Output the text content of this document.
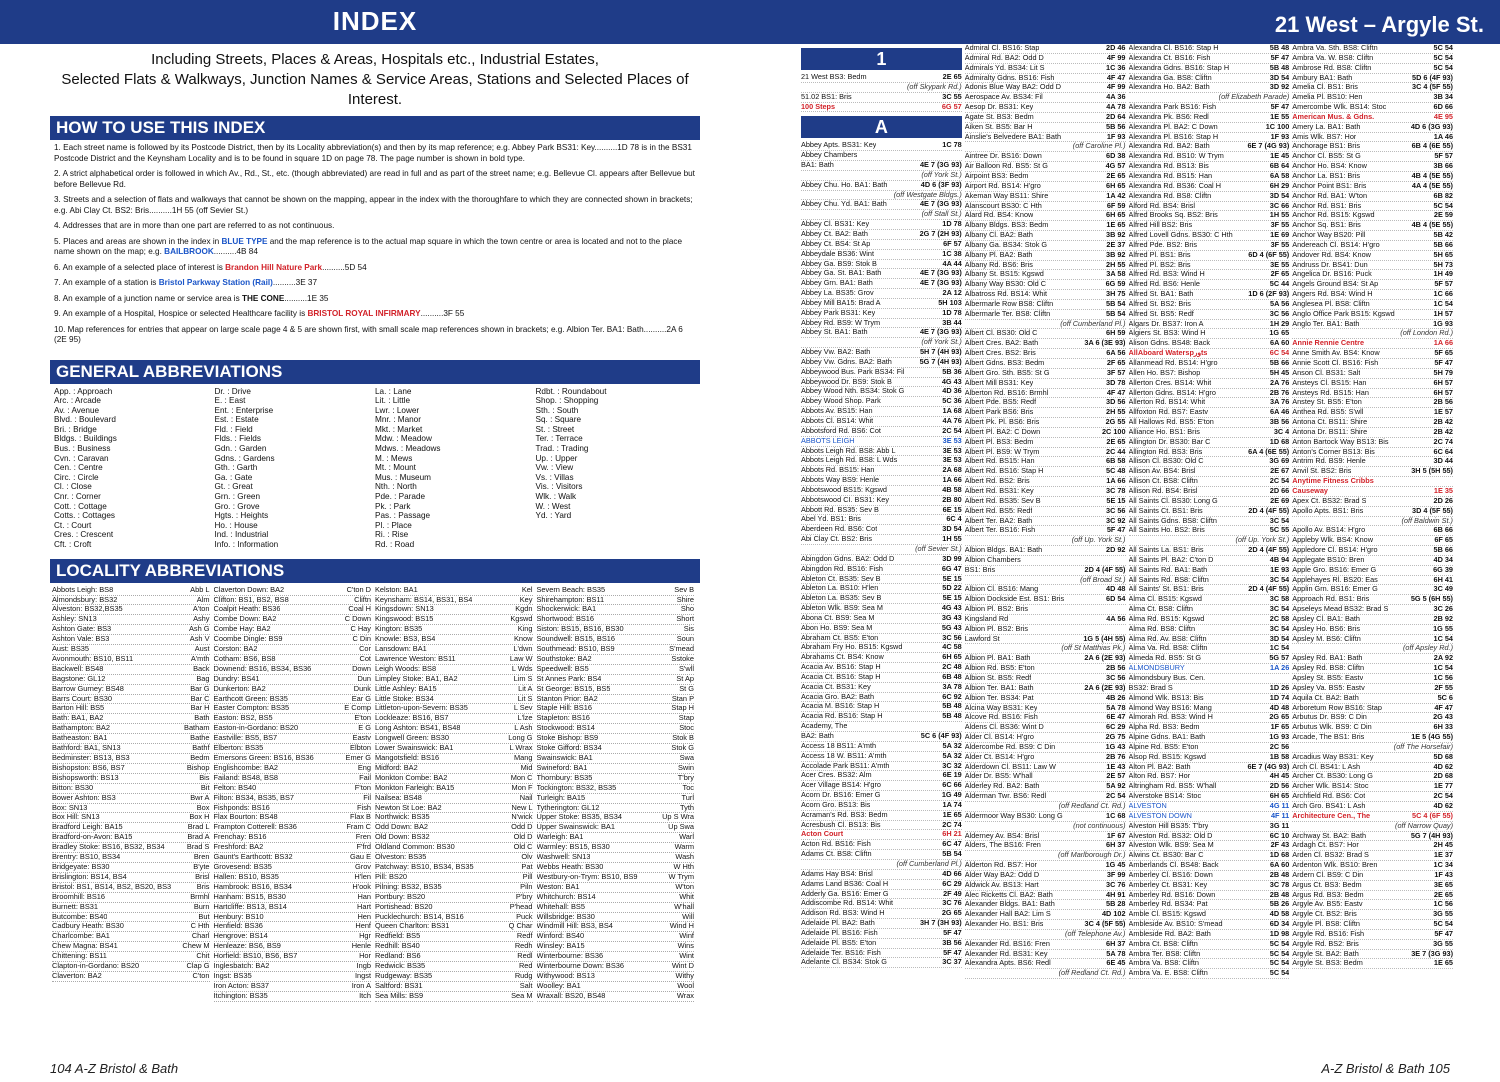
INDEX	21 West – Argyle St.
Including Streets, Places & Areas, Hospitals etc., Industrial Estates,
Selected Flats & Walkways, Junction Names & Service Areas, Stations and Selected Places of Interest.
HOW TO USE THIS INDEX

1. Each street name is followed by its Postcode District, then by its Locality abbreviation(s) and then by its map reference; e.g. Abbey Park BS31: Key..........1D 78 is in the BS31 Postcode District and the Keynsham Locality and is to be found in square 1D on page 78. The page number is shown in bold type.

2. A strict alphabetical order is followed in which Av., Rd., St., etc. (though abbreviated) are read in full and as part of the street name; e.g. Bellevue Cl. appears after Bellevue but before Bellevue Rd.

3. Streets and a selection of flats and walkways that cannot be shown on the mapping, appear in the index with the thoroughfare to which they are connected shown in brackets; e.g. Abi Clay Ct. BS2: Bris..........1H 55 (off Sevier St.)

4. Addresses that are in more than one part are referred to as not continuous.

5. Places and areas are shown in the index in BLUE TYPE and the map reference is to the actual map square in which the town centre or area is located and not to the place name shown on the map; e.g. BAILBROOK..........4B 84

6. An example of a selected place of interest is Brandon Hill Nature Park..........5D 54

7. An example of a station is Bristol Parkway Station (Rail)..........3E 37

8. An example of a junction name or service area is THE CONE..........1E 35

9. An example of a Hospital, Hospice or selected Healthcare facility is BRISTOL ROYAL INFIRMARY..........3F 55

10. Map references for entries that appear on large scale page 4 & 5 are shown first, with small scale map references shown in brackets; e.g. Albion Ter. BA1: Bath..........2A 6 (2E 95)

GENERAL ABBREVIATIONS
App. : Approach
Arc. : Arcade
Av. : Avenue
Blvd. : Boulevard
Bri. : Bridge
Bldgs. : Buildings
Bus. : Business
Cvn. : Caravan
Cen. : Centre
Circ. : Circle
Cl. : Close
Cnr. : Corner
Cott. : Cottage
Cotts. : Cottages
Ct. : Court
Cres. : Crescent
Cft. : Croft
Dr. : Drive
E. : East
Ent. : Enterprise
Est. : Estate
Fld. : Field
Flds. : Fields
Gdn. : Garden
Gdns. : Gardens
Gth. : Garth
Ga. : Gate
Gt. : Great
Grn. : Green
Gro. : Grove
Hgts. : Heights
Ho. : House
Ind. : Industrial
Info. : Information
La. : Lane
Lit. : Little
Lwr. : Lower
Mnr. : Manor
Mkt. : Market
Mdw. : Meadow
Mdws. : Meadows
M. : Mews
Mt. : Mount
Mus. : Museum
Nth. : North
Pde. : Parade
Pk. : Park
Pas. : Passage
Pl. : Place
Ri. : Rise
Rd. : Road
Rdbt. : Roundabout
Shop. : Shopping
Sth. : South
Sq. : Square
St. : Street
Ter. : Terrace
Trad. : Trading
Up. : Upper
Vw. : View
Vs. : Villas
Vis. : Visitors
Wlk. : Walk
W. : West
Yd. : Yard
LOCALITY ABBREVIATIONS
Abbots Leigh: BS8	Abb L
Almondsbury: BS32	Alm
Alveston: BS32,BS35	A'ton
Ashley: SN13	Ashy
Ashton Gate: BS3	Ash G
Ashton Vale: BS3	Ash V
Aust: BS35	Aust
Avonmouth: BS10, BS11	A'mth
Backwell: BS48	Back
Bagstone: GL12	Bag
Barrow Gurney: BS48	Bar G
Barrs Court: BS30	Bar C
Barton Hill: BS5	Bar H
Bath: BA1, BA2	Bath
Bathampton: BA2	Batham
Batheaston: BA1	Bathe
Bathford: BA1, SN13	Bathf
Bedminster: BS13, BS3	Bedm
Bishopston: BS6, BS7	Bishop
Bishopsworth: BS13	Bis
Bitton: BS30	Bit
Bower Ashton: BS3	Bwr A
Box: SN13	Box
Box Hill: SN13	Box H
Bradford Leigh: BA15	Brad L
Bradford-on-Avon: BA15	Brad A
Bradley Stoke: BS16, BS32, BS34	Brad S
Brentry: BS10, BS34	Bren
Bridgeyate: BS30	B'yte
Brislington: BS14, BS4	Brisl
Bristol: BS1, BS14, BS2, BS20, BS3	Bris
Broomhill: BS16	Brmhl
Burnett: BS31	Burn
Butcombe: BS40	But
Cadbury Heath: BS30	C Hth
Charlcombe: BA1	Charl
Chew Magna: BS41	Chew M
Chittening: BS11	Chit
Clapton-in-Gordano: BS20	Clap G
Claverton: BA2	C'ton
Claverton Down: BA2	C'ton D
Clifton: BS1, BS2, BS8	Cliftn
Coalpit Heath: BS36	Coal H
Combe Down: BA2	C Down
Combe Hay: BA2	C Hay
Coombe Dingle: BS9	C Din
Corston: BA2	Cor
Cotham: BS6, BS8	Cot
Downend: BS16, BS34, BS36	Down
Dundry: BS41	Dun
Dunkerton: BA2	Dunk
Earthcott Green: BS35	Ear G
Easter Compton: BS35	E Comp
Easton: BS2, BS5	E'ton
Easton-in-Gordano: BS20	E G
Eastville: BS5, BS7	Eastv
Elberton: BS35	Elbton
Emersons Green: BS16, BS36	Emer G
Englishcombe: BA2	Eng
Failand: BS48, BS8	Fail
Felton: BS40	F'ton
Filton: BS34, BS35, BS7	Fil
Fishponds: BS16	Fish
Flax Bourton: BS48	Flax B
Frampton Cotterell: BS36	Fram C
Frenchay: BS16	Fren
Freshford: BA2	F'frd
Gaunt's Earthcott: BS32	Gau E
Grovesend: BS35	Grov
Hallen: BS10, BS35	H'len
Hambrook: BS16, BS34	H'ook
Hanham: BS15, BS30	Han
Hartcliffe: BS13, BS14	Hart
Henbury: BS10	Hen
Henfield: BS36	Henf
Hengrove: BS14	Hgr
Henleaze: BS6, BS9	Henle
Horfield: BS10, BS6, BS7	Hor
Inglesbatch: BA2	Ingb
Ingst: BS35	Ingst
Iron Acton: BS37	Iron A
Itchington: BS35	Itch
Kelston: BA1	Kel
Keynsham: BS14, BS31, BS4	Key
Kingsdown: SN13	Kgdn
Kingswood: BS15	Kgswd
Kington: BS35	King
Knowle: BS3, BS4	Know
Lansdown: BA1	L'dwn
Lawrence Weston: BS11	Law W
Leigh Woods: BS8	L Wds
Limpley Stoke: BA1, BA2	Lim S
Little Ashley: BA15	Lit A
Little Stoke: BS34	Lit S
Littleton-upon-Severn: BS35	L Sev
Lockleaze: BS16, BS7	L'lze
Long Ashton: BS41, BS48	L Ash
Longwell Green: BS30	Long G
Lower Swainswick: BA1	L Wrax
Mangotsfield: BS16	Mang
Midford: BA2	Mid
Monkton Combe: BA2	Mon C
Monkton Farleigh: BA15	Mon F
Nailsea: BS48	Nail
Newton St Loe: BA2	New L
Northwick: BS35	N'wick
Odd Down: BA2	Odd D
Old Down: BS32	Old D
Oldland Common: BS30	Old C
Olveston: BS35	Olv
Patchway: BS10, BS34, BS35	Pat
Pill: BS20	Pill
Pilning: BS32, BS35	Piln
Portbury: BS20	P'bry
Portishead: BS20	P'head
Pucklechurch: BS14, BS16	Puck
Queen Charlton: BS31	Q Char
Redfield: BS5	Redf
Redhill: BS40	Redh
Redland: BS6	Redl
Redwick: BS35	Red
Rudgeway: BS35	Rudg
Saltford: BS31	Salt
Sea Mills: BS9	Sea M
Severn Beach: BS35	Sev B
Shirehampton: BS11	Shire
Shockerwick: BA1	Sho
Shortwood: BS16	Short
Siston: BS15, BS16, BS30	Sis
Soundwell: BS15, BS16	Soun
Southmead: BS10, BS9	S'mead
Southstoke: BA2	Sstoke
Speedwell: BS5	S'wll
St Annes Park: BS4	St Ap
St George: BS15, BS5	St G
Stanton Prior: BA2	Stan P
Staple Hill: BS16	Stap H
Stapleton: BS16	Stap
Stockwood: BS14	Stoc
Stoke Bishop: BS9	Stok B
Stoke Gifford: BS34	Stok G
Swainswick: BA1	Swa
Swineford: BA1	Swin
Thornbury: BS35	T'bry
Tockington: BS32, BS35	Toc
Turleigh: BA15	Turl
Tytherington: GL12	Tyth
Upper Stoke: BS35, BS34	Up S Wra
Upper Swainswick: BA1	Up Swa
Warleigh: BA1	Warl
Warmley: BS15, BS30	Warm
Washwell: SN13	Wash
Webbs Heath: BS30	W Hth
Westbury-on-Trym: BS10, BS9	W Trym
Weston: BA1	W'ton
Whitchurch: BS14	Whit
Whitehall: BS5	W'hall
Willsbridge: BS30	Will
Windmill Hill: BS3, BS4	Wind H
Winford: BS40	Winf
Winsley: BA15	Wins
Winterbourne: BS36	Wint
Winterbourne Down: BS36	Wint D
Withywood: BS13	Withy
Woolley: BA1	Wool
Wraxall: BS20, BS48	Wrax
1
21 West BS3: Bedm	2E 65
(off Skypark Rd.)
51.02 BS1: Bris	3C 55
100 Steps	6G 57
A
Abbey Apts. BS31: Key	1C 78
Abbey Chambers
BA1: Bath	4E 7 (3G 93)
(off York St.)
Abbey Chu. Ho. BA1: Bath	4D 6 (3F 93)
(off Westgate Bldgs.)
Abbey Chu. Yd. BA1: Bath	4E 7 (3G 93)
(off Stall St.)
Abbey Cl. BS31: Key	1D 78
Abbey Ct. BA2: Bath	2G 7 (2H 93)
Abbey Ct. BS4: St Ap	6F 57
Abbeydale BS36: Wint	1C 38
Abbey Ga. BS9: Stok B	4A 44
Abbey Ga. St. BA1: Bath	4E 7 (3G 93)
Abbey Grn. BA1: Bath	4E 7 (3G 93)
Abbey La. BS35: Grov	2A 12
Abbey Mill BA15: Brad A	5H 103
Abbey Park BS31: Key	1D 78
Abbey Rd. BS9: W Trym	3B 44
Abbey St. BA1: Bath	4E 7 (3G 93)
(off York St.)
Abbey Vw. BA2: Bath	5H 7 (4H 93)
Abbey Vw. Gdns. BA2: Bath	5G 7 (4H 93)
Abbeywood Bus. Park BS34: Fil	5B 36
Abbeywood Dr. BS9: Stok B	4G 43
Abbey Wood Nth. BS34: Stok G	4D 36
Abbey Wood Shop. Park	5C 36
Abbots Av. BS15: Han	1A 68
Abbots Cl. BS14: Whit	4A 76
Abbotsford Rd. BS6: Cot	2C 54
ABBOTS LEIGH	3E 53
Abbots Leigh Rd. BS8: Abb L	3E 53
Abbots Leigh Rd. BS8: L Wds	3E 53
Abbots Rd. BS15: Han	2A 68
Abbots Way BS9: Henle	1A 66
Abbotswood BS15: Kgswd	4B 58
Abbotswood CI. BS31: Key	2B 80
Abbott Rd. BS35: Sev B	6E 15
Abel Yd. BS1: Bris	6C 4
Aberdeen Rd. BS6: Cot	3D 54
Abi Clay Ct. BS2: Bris	1H 55
(off Sevier St.)
Abingdon Gdns. BA2: Odd D	3D 99
Abingdon Rd. BS16: Fish	6G 47
Ableton Ct. BS35: Sev B	5E 15
Ableton La. BS10: H'len	5D 22
Ableton La. BS35: Sev B	5E 15
Ableton Wlk. BS9: Sea M	4G 43
Abona Ct. BS9: Sea M	3G 43
Abon Ho. BS9: Sea M	5G 43
Abraham Ct. BS5: E'ton	3C 56
Abraham Fry Ho. BS15: Kgswd	4C 58
Abrahams Ct. BS4: Know	6H 65
Acacia Av. BS16: Stap H	2C 48
Acacia Ct. BS16: Stap H	6B 48
Acacia Ct. BS31: Key	3A 78
Acacia Gro. BA2: Bath	6C 92
Acacia M. BS16: Stap H	5B 48
Acacia Rd. BS16: Stap H	5B 48
Academy, The
BA2: Bath	5C 6 (4F 93)
Access 18 BS11: A'mth	5A 32
Access 18 W. BS11: A'mth	5A 32
Accolade Park BS11: A'mth	3C 32
Acer Cres. BS32: Alm	6E 19
Acer Village BS14: H'gro	6C 66
Acorn Dr. BS16: Emer G	1G 49
Acorn Gro. BS13: Bis	1A 74
Acraman's Rd. BS3: Bedm	1E 65
Acresbush Cl. BS13: Bis	2C 74
Acton Court	6H 21
Acton Rd. BS16: Fish	6C 47
Adams Ct. BS8: Cliftn	5B 54
(off Cumberland Pl.)
Adams Hay BS4: Brisl	4D 66
Adams Land BS36: Coal H	6C 29
Adderly Ga. BS16: Emer G	2F 49
Addiscombe Rd. BS14: Whit	3C 76
Addison Rd. BS3: Wind H	2G 65
Adelaide Pl. BA2: Bath	3H 7 (3H 93)
Adelaide Pl. BS16: Fish	5F 47
Adelaide Pl. BS5: E'ton	3B 56
Adelaide Ter. BS16: Fish	5F 47
Adelante Cl. BS34: Stok G	3C 37
Admiral Cl. BS16: Stap	2D 46
Admiral Rd. BA2: Odd D	4F 99
Admirals Yd. BS34: Lit S	1C 36
Admiralty Gdns. BS16: Fish	4F 47
Adonis Blue Way BA2: Odd D	4F 99
Aerospace Av. BS34: Fil	4A 36
Aesop Dr. BS31: Key	4A 78
Agate St. BS3: Bedm	2D 64
Aiken St. BS5: Bar H	5B 56
Ainslie's Belvedere BA1: Bath	1F 93
(off Caroline Pl.)
Aintree Dr. BS16: Down	6D 38
Air Balloon Rd. BS5: St G	4G 57
Airpoint BS3: Bedm	2E 65
Airport Rd. BS14: H'gro	6H 65
Akeman Way BS11: Shire	1A 42
Alanscourt BS30: C Hth	6F 59
Alard Rd. BS4: Know	6H 65
Albany Bldgs. BS3: Bedm	1E 65
Albany Cl. BA2: Bath	3B 92
Albany Ga. BS34: Stok G	2E 37
Albany Pl. BA2: Bath	3B 92
Albany Rd. BS6: Bris	2H 55
Albany St. BS15: Kgswd	3A 58
Albany Way BS30: Old C	6G 59
Albatross Rd. BS14: Whit	3H 75
Albermarle Row BS8: Cliftn	5B 54
Albermarle Ter. BS8: Cliftn	5B 54
(off Cumberland Pl.)
Albert Cl. BS30: Old C	6H 59
Albert Cres. BA2: Bath	3A 6 (3E 93)
Albert Cres. BS2: Bris	6A 56
Albert Gdns. BS3: Bedm	2F 65
Albert Gro. Sth. BS5: St G	3F 57
Albert Mill BS31: Key	3D 78
Alberton Rd. BS16: Brmhl	4F 47
Albert Pde. BS5: Redf	3D 56
Albert Park BS6: Bris	2H 55
Albert Pk. Pl. BS6: Bris	2G 55
Albert Pl. BA2: C Down	2C 100
Albert Pl. BS3: Bedm	2E 65
Albert Pl. BS9: W Trym	2C 44
Albert Rd. BS15: Han	6B 58
Albert Rd. BS16: Stap H	5C 48
Albert Rd. BS2: Bris	1A 66
Albert Rd. BS31: Key	3C 78
Albert Rd. BS35: Sev B	5E 15
Albert Rd. BS5: Redf	3C 56
Albert Ter. BA2: Bath	3C 92
Albert Ter. BS16: Fish	5F 47
(off Up. York St.)
Albion Bldgs. BA1: Bath	2D 92
Albion Chambers
BS1: Bris	2D 4 (4F 55)
(off Broad St.)
Albion Cl. BS16: Mang	4D 48
Albion Dockside Est. BS1: Bris	6D 54
Albion Pl. BS2: Bris
Kingsland Rd	4A 56
Albion Pl. BS2: Bris
Lawford St	1G 5 (4H 55)
(off St Matthias Pk.)
Albion Pl. BA1: Bath	2A 6 (2E 93)
Albion Rd. BS5: E'ton	2B 56
Albion St. BS5: Redf	3C 56
Albion Ter. BA1: Bath	2A 6 (2E 93)
Albion Ter. BS34: Pat	4B 26
Alcina Way BS31: Key	5A 78
Alcove Rd. BS16: Fish	6E 47
Aldens Cl. BS36: Wint D	6C 29
Alder Cl. BS14: H'gro	2G 75
Aldercombe Rd. BS9: C Din	1G 43
Alder Ct. BS14: H'gro	2B 76
Alderdown Cl. BS11: Law W	1E 43
Alder Dr. BS5: W'hall	2E 57
Alderley Rd. BA2: Bath	5A 92
Alderman Twr. BS6: Redl	2C 54
(off Redland Ct. Rd.)
Aldermoor Way BS30: Long G	1C 68
(not continuous)
Alderney Av. BS4: Brisl	1F 67
Alders, The BS16: Fren	6H 37
(off Marlborough Dr.)
Alderton Rd. BS7: Hor	1G 45
Alder Way BA2: Odd D	3F 99
Aldwick Av. BS13: Hart	3C 76
Alec Ricketts Cl. BA2: Bath	4H 91
Alexander Bldgs. BA1: Bath	5B 28
Alexander Hall BA2: Lim S	4D 102
Alexander Ho. BS1: Bris	3C 4 (5F 55)
(off Telephone Av.)
Alexander Rd. BS16: Fren	6H 37
Alexander Rd. BS31: Key	5A 78
Alexandra Apts. BS6: Redl	6E 45
(off Redland Ct. Rd.)
Alexandra Cl. BS16: Stap H	5B 48
Alexandra Ct. BS16: Fish	5F 47
Alexandra Gdns. BS16: Stap H	5B 48
Alexandra Ga. BS8: Cliftn	3D 54
Alexandra Ho. BA2: Bath	3D 92
(off Elizabeth Parade)
Alexandra Park BS16: Fish	5F 47
Alexandra Pk. BS6: Redl	1E 55
Alexandra Pl. BA2: C Down	1C 100
Alexandra Pl. BS16: Stap H	1F 93
Alexandra Rd. BA2: Bath	6E 7 (4G 93)
Alexandra Rd. BS10: W Trym	1E 45
Alexandra Rd. BS13: Bis	6B 64
Alexandra Rd. BS15: Han	6A 58
Alexandra Rd. BS36: Coal H	6H 29
Alexandra Rd. BS8: Cliftn	3D 54
Alford Rd. BS4: Brisl	3C 66
Alfred Brooks Sq. BS2: Bris	1H 55
Alfred Hill BS2: Bris	3F 55
Alfred Lovell Gdns. BS30: C Hth	1E 69
Alfred Pde. BS2: Bris	3F 55
Alfred Pl. BS1: Bris	6D 4 (6F 55)
Alfred Pl. BS2: Bris	3E 55
Alfred Rd. BS3: Wind H	2F 65
Alfred Rd. BS6: Henle	5C 44
Alfred St. BA1: Bath	1D 6 (2F 93)
Alfred St. BS2: Bris	5A 56
Alfred St. BS5: Redf	3C 56
Algars Dr. BS37: Iron A	1H 29
Algiers St. BS3: Wind H	1G 65
Alison Gdns. BS48: Back	6A 60
AllAboard Waterspورts	6C 54
Allanmead Rd. BS14: H'gro	5B 66
Allen Ho. BS7: Bishop	5H 45
Allerton Cres. BS14: Whit	2A 76
Allerton Gdns. BS14: H'gro	2B 76
Allerton Rd. BS14: Whit	3A 76
Allfoxton Rd. BS7: Eastv	6A 46
All Hallows Rd. BS5: E'ton	3B 56
Alliance Ho. BS1: Bris	3C 4
Allington Dr. BS30: Bar C	1D 68
Allington Rd. BS3: Bris	6A 4 (6E 55)
Allison Cl. BS30: Old C	3G 69
Allison Av. BS4: Brisl	2E 67
Allison Ct. BS8: Cliftn	2C 54
Allison Rd. BS4: Brisl	2D 66
All Saints Cl. BS30: Long G	2E 69
All Saints Ct. BS1: Bris	2D 4 (4F 55)
All Saints Gdns. BS8: Cliftn	3C 54
All Saints Ho. BS2: Bris	5C 55
(off Up. York St.)
All Saints La. BS1: Bris	2D 4 (4F 55)
All Saints Pl. BA2: C'ton D	4B 94
All Saints Rd. BA1: Bath	1E 93
All Saints Rd. BS8: Cliftn	3C 54
All Saints' St. BS1: Bris	2D 4 (4F 55)
Alma Cl. BS15: Kgswd	3C 58
Alma Ct. BS8: Cliftn	3C 54
Alma Rd. BS15: Kgswd	2C 58
Alma Rd. BS8: Cliftn	3C 54
Alma Rd. Av. BS8: Cliftn	3D 54
Alma Va. Rd. BS8: Cliftn	1C 54
Almeda Rd. BS5: St G	5G 57
ALMONDSBURY	1A 26
Almondsbury Bus. Cen.
BS32: Brad S	1D 26
Almond Wlk. BS13: Bis	1D 74
Almond Way BS16: Mang	4D 48
Almorah Rd. BS3: Wind H	2G 65
Alpha Rd. BS3: Bedm	1F 65
Alpine Gdns. BA1: Bath	1G 93
Alpine Rd. BS5: E'ton	2C 56
Alsop Rd. BS15: Kgswd	1B 58
Alton Pl. BA2: Bath	6E 7 (4G 93)
Alton Rd. BS7: Hor	4H 45
Altringham Rd. BS5: W'hall	2D 56
Alverstoke BS14: Stoc	6H 65
ALVESTON	4G 11
ALVESTON DOWN	4F 11
Alveston Hill BS35: T'bry	3G 11
Alveston Rd. BS32: Old D	6C 10
Alveston Wlk. BS9: Sea M	2F 43
Alwins Ct. BS30: Bar C	1D 68
Amberlands Cl. BS48: Back	6A 60
Amberley Cl. BS16: Down	2B 48
Amberley Ct. BS31: Key	3C 78
Amberley Rd. BS16: Down	2B 48
Amberley Rd. BS34: Pat	5B 26
Amble Cl. BS15: Kgswd	4D 58
Ambleside Av. BS10: S'mead	6D 34
Ambleside Rd. BA2: Bath	1D 98
Ambra Ct. BS8: Cliftn	5C 54
Ambra Ter. BS8: Cliftn	5C 54
Ambra Va. BS8: Cliftn	5C 54
Ambra Va. E. BS8: Cliftn	5C 54
Ambra Va. Sth. BS8: Cliftn	5C 54
Ambra Va. W. BS8: Cliftn	5C 54
Ambrose Rd. BS8: Cliftn	5C 54
Ambury BA1: Bath	5D 6 (4F 93)
Amelia Cl. BS1: Bris	3C 4 (5F 55)
Amelia Pl. BS10: Hen	3B 34
Amercombe Wlk. BS14: Stoc	6D 66
American Mus. & Gdns.	4E 95
Amery La. BA1: Bath	4D 6 (3G 93)
Amis Wlk. BS7: Hor	1A 46
Anchorage BS1: Bris	6B 4 (6E 55)
Anchor Cl. BS5: St G	5F 57
Anchor Ho. BS4: Know	3B 66
Anchor La. BS1: Bris	4B 4 (5E 55)
Anchor Point BS1: Bris	4A 4 (5E 55)
Anchor Rd. BA1: W'ton	6B 82
Anchor Rd. BS1: Bris	5C 54
Anchor Rd. BS15: Kgswd	2E 59
Anchor Sq. BS1: Bris	4B 4 (5E 55)
Anchor Way BS20: Pill	5B 42
Andereach Cl. BS14: H'gro	5B 66
Andover Rd. BS4: Know	5H 65
Andruss Dr. BS41: Dun	5H 73
Angelica Dr. BS16: Puck	1H 49
Angels Ground BS4: St Ap	5F 57
Angers Rd. BS4: Wind H	1C 66
Anglesea Pl. BS8: Cliftn	1C 54
Anglo Office Park BS15: Kgswd	1H 57
Anglo Ter. BA1: Bath	1G 93
(off London Rd.)
Annie Rennie Centre	1A 66
Anne Smith Av. BS4: Know	5F 65
Annie Scott Cl. BS16: Fish	5F 47
Anson Cl. BS31: Salt	5H 79
Ansteys Cl. BS15: Han	6H 57
Ansteys Rd. BS15: Han	6H 57
Anstey St. BS5: E'ton	2B 56
Anthea Rd. BS5: S'wll	1E 57
Antona Ct. BS11: Shire	2B 42
Antona Dr. BS11: Shire	2B 42
Anton Bartock Way BS13: Bis	2C 74
Anton's Corner BS13: Bis	6C 64
Antrim Rd. BS9: Henle	3D 44
Anvil St. BS2: Bris	3H 5 (5H 55)
Anytime Fitness Cribbs
Causeway	1E 35
Apex Ct. BS32: Brad S	2D 26
Apollo Apts. BS1: Bris	3D 4 (5F 55)
(off Baldwin St.)
Apollo Av. BS14: H'gro	6B 66
Appleby Wlk. BS4: Know	6F 65
Appledore Cl. BS14: H'gro	5B 66
Applegate BS10: Bren	4D 34
Apple Gro. BS16: Emer G	6G 39
Applehayes Rl. BS20: Eas	6H 41
Applin Grn. BS16: Emer G	3C 49
Approach Rd. BS1: Bris	5G 5 (6H 55)
Apseleys Mead BS32: Brad S	3C 26
Apsley Cl. BA1: Bath	2B 92
Apsley Ho. BS6: Bris	1G 55
Apsley M. BS6: Cliftn	1C 54
(off Apsley Rd.)
Apsley Rd. BA1: Bath	2A 92
Apsley Rd. BS8: Cliftn	1C 54
Apsley St. BS5: Eastv	1C 56
Apsley Va. BS5: Eastv	2F 55
Aquila Ct. BA2: Bath	5C 6
Arboretum Row BS16: Stap	4F 47
Arbutus Dr. BS9: C Din	2G 43
Arbutus Wlk. BS9: C Din	6H 33
Arcade, The BS1: Bris	1E 5 (4G 55)
(off The Horsefair)
Arcadius Way BS31: Key	5D 68
Arch Cl. BS41: L Ash	4D 62
Archer Ct. BS30: Long G	2D 68
Archer Wlk. BS14: Stoc	1E 77
Archfield Rd. BS6: Cot	2C 54
Arch Gro. BS41: L Ash	4D 62
Architecture Cen., The	5C 4 (6F 55)
(off Narrow Quay)
Archway St. BA2: Bath	5G 7 (4H 93)
Ardagh Ct. BS7: Hor	2H 45
Arden Cl. BS32: Brad S	1E 37
Ardenton Wlk. BS10: Bren	1C 34
Ardern Cl. BS9: C Din	1F 43
Argus Ct. BS3: Bedm	3E 65
Argus Rd. BS3: Bedm	2E 65
Argyle Av. BS5: Eastv	1C 56
Argyle Ct. BS2: Bris	3G 55
Argyle Pl. BS8: Cliftn	5C 54
Argyle Rd. BS16: Fish	5F 47
Argyle Rd. BS2: Bris	3G 55
Argyle St. BA2: Bath	3E 7 (3G 93)
Argyle St. BS3: Bedm	1E 65
104 A-Z Bristol & Bath	A-Z Bristol & Bath 105
